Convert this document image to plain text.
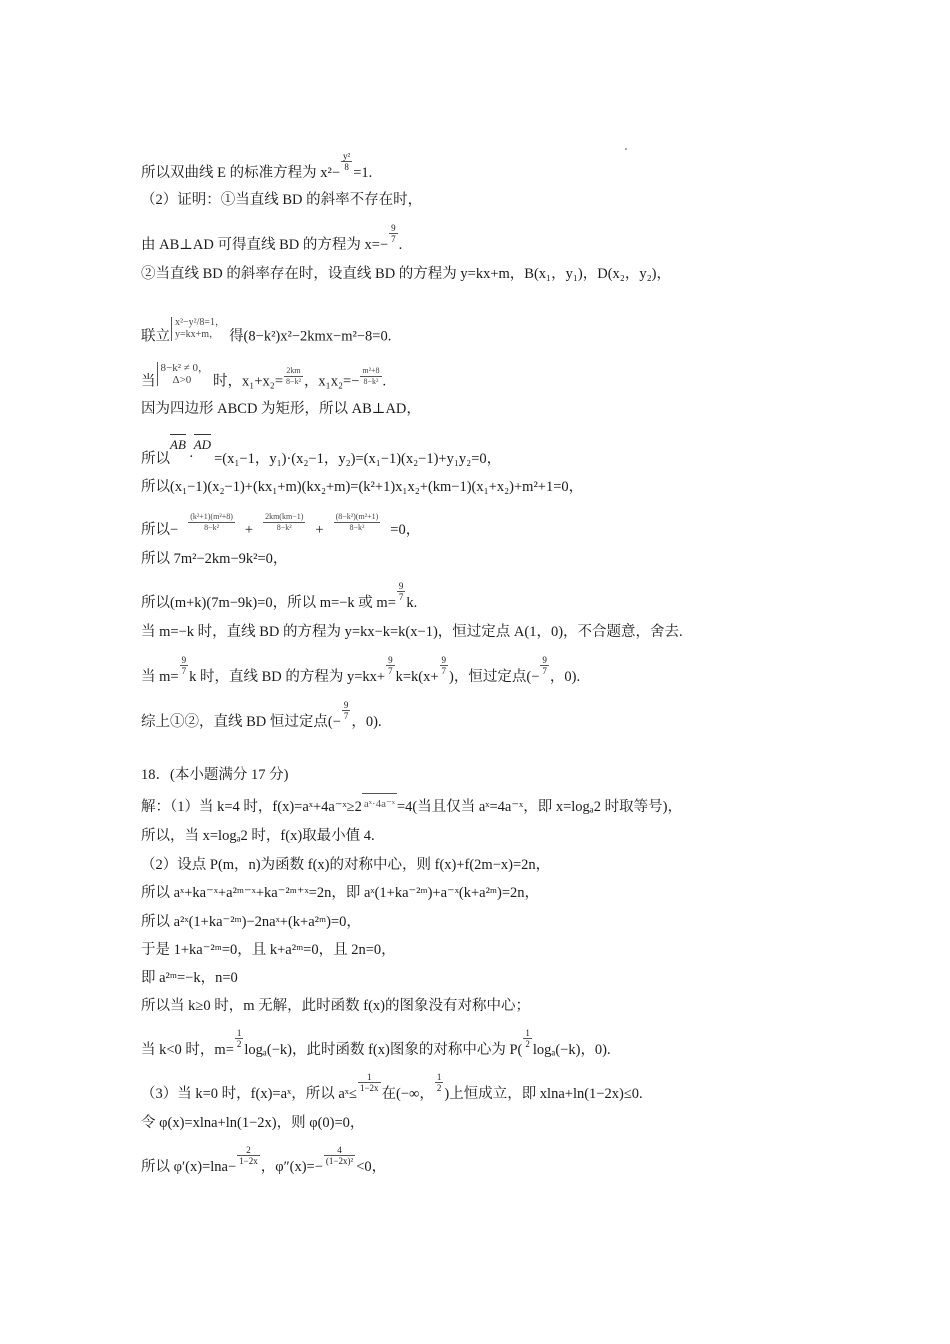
所以双曲线 E 的标准方程为 x²−
$\frac{\text{y²}}{8}$
=1.
（2）证明：①当直线 BD 的斜率不存在时，
由 AB⊥AD 可得直线 BD 的方程为 x=−
$\frac{9}{7}$
.
②当直线 BD 的斜率存在时，设直线 BD 的方程为 y=kx+m，B(x₁，y₁)，D(x₂，y₂)，
联立
x²−y²/8=1，
y=kx+m， 得(8−k²)x²−2kmx−m²−8=0.
当
8−k² ≠ 0，
Δ>0	时，$x_1+x_2= \frac{2km}{\text{8−k²}}$ ，$x_1x_2=- \frac{\text{m²+8}}{\text{8−k²}}$ .
因为四边形 ABCD 为矩形，所以 AB⊥AD，
所以AB·AD=(x₁−1，y₁)·(x₂−1，y₂)=(x₁−1)(x₂−1)+y₁y₂=0，
所以(x₁−1)(x₂−1)+(kx₁+m)(kx₂+m)=(k²+1)x₁x₂+(km−1)(x₁+x₂)+m²+1=0，
所以− $\frac{\text{(k²+1)(m²+8)}}{\text{8−k²}} + \frac{2km(km-1)}{\text{8−k²}} + \frac{\text{(8−k²)(m²+1)}}{\text{8−k²}} =0$，
所以 7m²−2km−9k²=0，
所以(m+k)(7m−9k)=0，所以 m=−k 或 m=
$\frac{9}{7}$
k.
当 m=−k 时，直线 BD 的方程为 y=kx−k=k(x−1)，恒过定点 A(1，0)，不合题意，舍去.
当 m=
$\frac{9}{7}$
k 时，直线 BD 的方程为 y=kx+
$\frac{9}{7}$
k=k(x+
$\frac{9}{7}$
)，恒过定点(−
$\frac{9}{7}$
，0).
综上①②，直线 BD 恒过定点(−
$\frac{9}{7}$
，0).
18．(本小题满分 17 分)
解：（1）当 k=4 时，f(x)=aˣ+4a⁻ˣ≥2 aˣ·4a⁻ˣ =4(当且仅当 aˣ=4a⁻ˣ，即 x=logₐ2 时取等号)，
所以，当 x=logₐ2 时，f(x)取最小值 4.
（2）设点 P(m，n)为函数 f(x)的对称中心，则 f(x)+f(2m−x)=2n，
所以 aˣ+ka⁻ˣ+a²ᵐ⁻ˣ+ka⁻²ᵐ⁺ˣ=2n，即 aˣ(1+ka⁻²ᵐ)+a⁻ˣ(k+a²ᵐ)=2n，
所以 a²ˣ(1+ka⁻²ᵐ)−2naˣ+(k+a²ᵐ)=0，
于是 1+ka⁻²ᵐ=0，且 k+a²ᵐ=0，且 2n=0，
即 a²ᵐ=−k，n=0
所以当 k≥0 时，m 无解，此时函数 f(x)的图象没有对称中心；
当 k<0 时，m=
$\frac{1}{2}$
logₐ(−k)，此时函数 f(x)图象的对称中心为 P(
$\frac{1}{2}$
logₐ(−k)，0).
（3）当 k=0 时，f(x)=aˣ，所以 aˣ≤
$\frac{1}{1-2x}$
在(−∞，
$\frac{1}{2}$
)上恒成立，即 xlna+ln(1−2x)≤0.
令 φ(x)=xlna+ln(1−2x)，则 φ(0)=0，
所以 φ′(x)=lna−
$\frac{2}{1-2x}$
，φ″(x)=−
$\frac{4}{\text{(1−2x)²}}$
<0，
